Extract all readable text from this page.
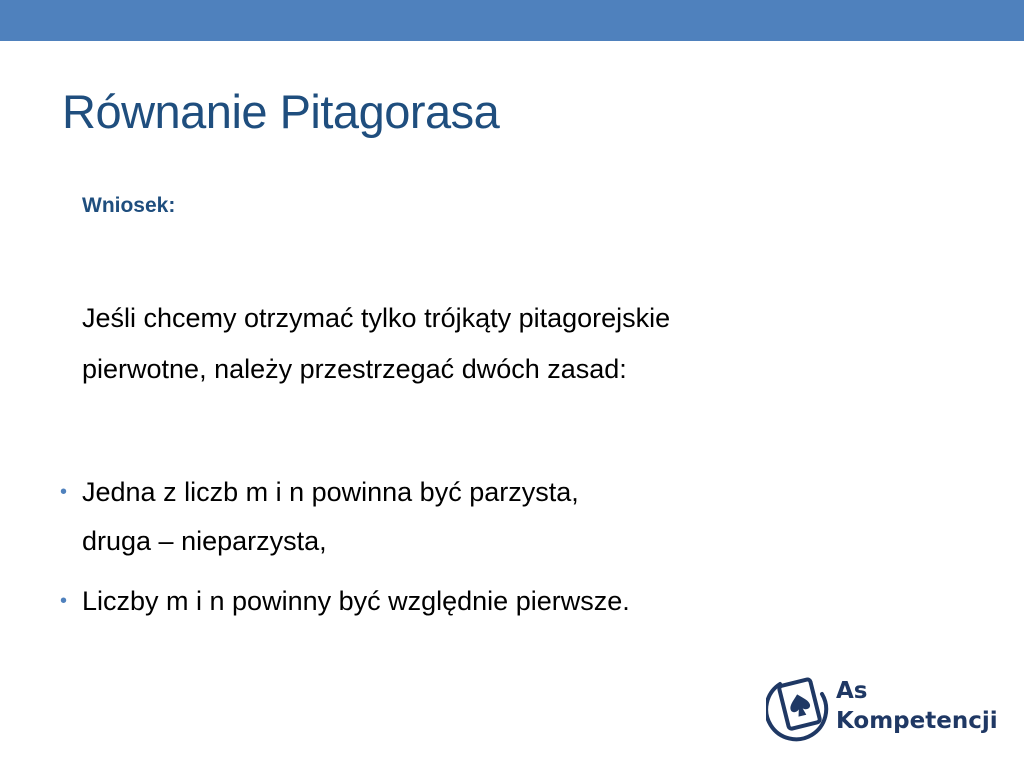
Równanie Pitagorasa
Wniosek:
Jeśli chcemy otrzymać tylko trójkąty pitagorejskie
pierwotne, należy przestrzegać dwóch zasad:
• Jedna z liczb m i n powinna być parzysta,
druga – nieparzysta,
• Liczby m i n powinny być względnie pierwsze.
As
Kompetencji
